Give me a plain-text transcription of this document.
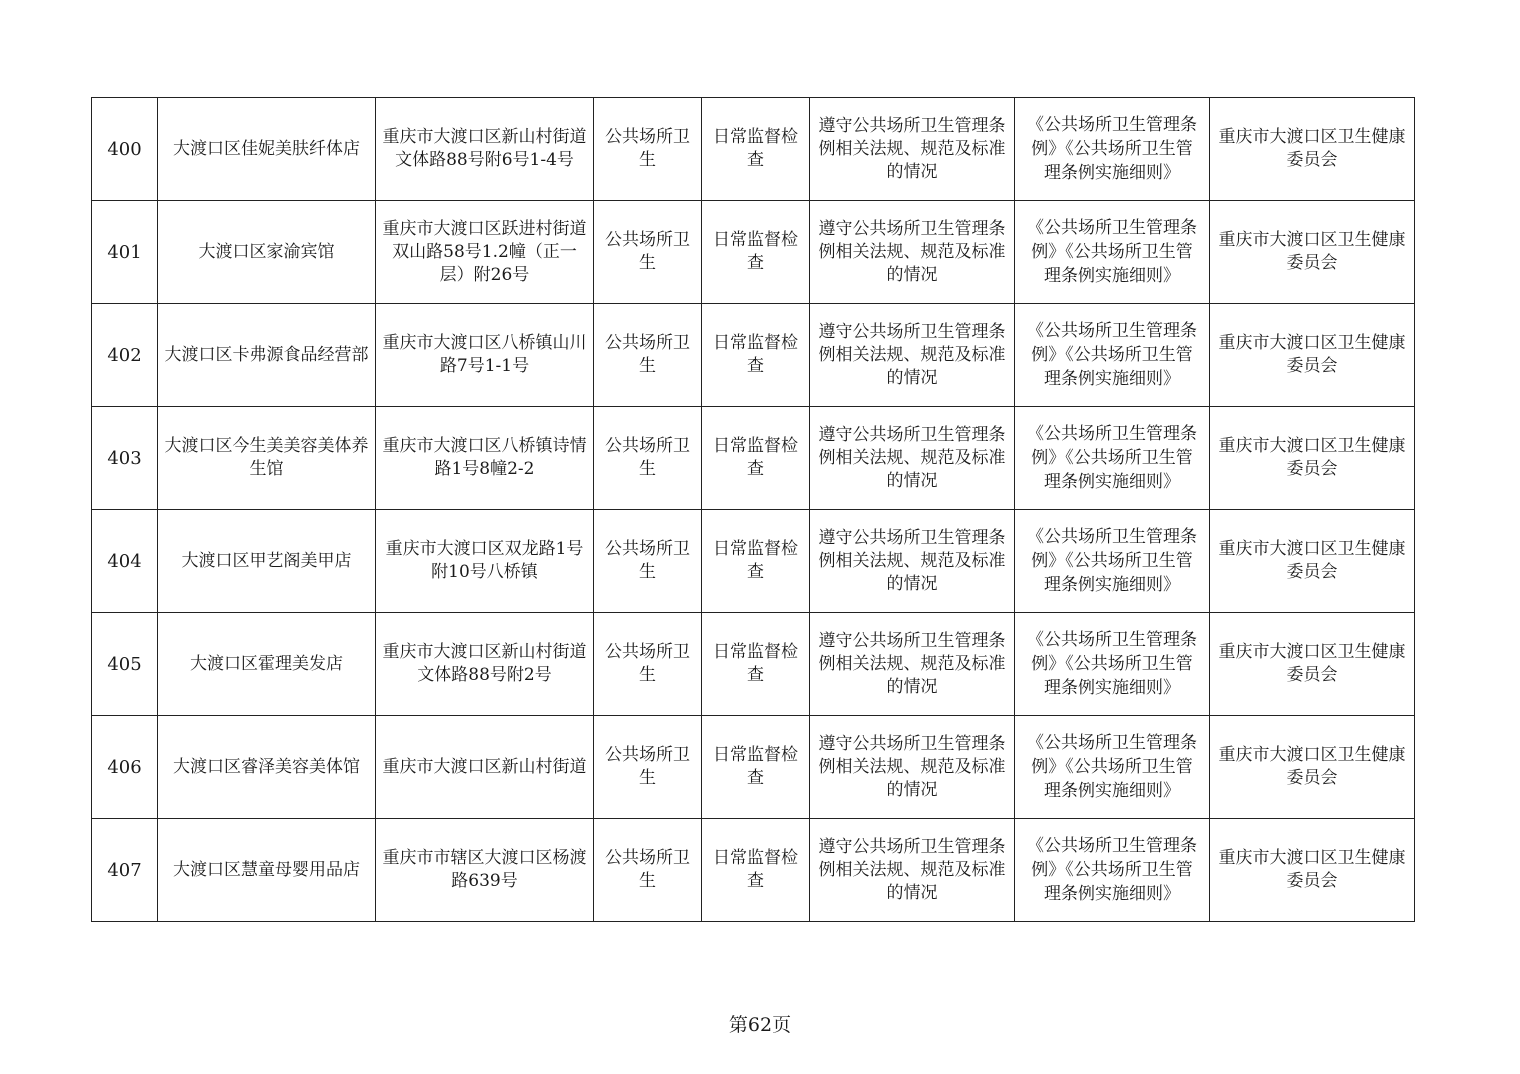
400	大渡口区佳妮美肤纤体店	重庆市大渡口区新山村街道文体路88号附6号1-4号	公共场所卫生	日常监督检查	遵守公共场所卫生管理条例相关法规、规范及标准的情况	《公共场所卫生管理条例》《公共场所卫生管理条例实施细则》	重庆市大渡口区卫生健康委员会
401	大渡口区家渝宾馆	重庆市大渡口区跃进村街道双山路58号1.2幢（正一层）附26号	公共场所卫生	日常监督检查	遵守公共场所卫生管理条例相关法规、规范及标准的情况	《公共场所卫生管理条例》《公共场所卫生管理条例实施细则》	重庆市大渡口区卫生健康委员会
402	大渡口区卡弗源食品经营部	重庆市大渡口区八桥镇山川路7号1-1号	公共场所卫生	日常监督检查	遵守公共场所卫生管理条例相关法规、规范及标准的情况	《公共场所卫生管理条例》《公共场所卫生管理条例实施细则》	重庆市大渡口区卫生健康委员会
403	大渡口区今生美美容美体养生馆	重庆市大渡口区八桥镇诗情路1号8幢2-2	公共场所卫生	日常监督检查	遵守公共场所卫生管理条例相关法规、规范及标准的情况	《公共场所卫生管理条例》《公共场所卫生管理条例实施细则》	重庆市大渡口区卫生健康委员会
404	大渡口区甲艺阁美甲店	重庆市大渡口区双龙路1号附10号八桥镇	公共场所卫生	日常监督检查	遵守公共场所卫生管理条例相关法规、规范及标准的情况	《公共场所卫生管理条例》《公共场所卫生管理条例实施细则》	重庆市大渡口区卫生健康委员会
405	大渡口区霍理美发店	重庆市大渡口区新山村街道文体路88号附2号	公共场所卫生	日常监督检查	遵守公共场所卫生管理条例相关法规、规范及标准的情况	《公共场所卫生管理条例》《公共场所卫生管理条例实施细则》	重庆市大渡口区卫生健康委员会
406	大渡口区睿泽美容美体馆	重庆市大渡口区新山村街道	公共场所卫生	日常监督检查	遵守公共场所卫生管理条例相关法规、规范及标准的情况	《公共场所卫生管理条例》《公共场所卫生管理条例实施细则》	重庆市大渡口区卫生健康委员会
407	大渡口区慧童母婴用品店	重庆市市辖区大渡口区杨渡路639号	公共场所卫生	日常监督检查	遵守公共场所卫生管理条例相关法规、规范及标准的情况	《公共场所卫生管理条例》《公共场所卫生管理条例实施细则》	重庆市大渡口区卫生健康委员会
第62页
